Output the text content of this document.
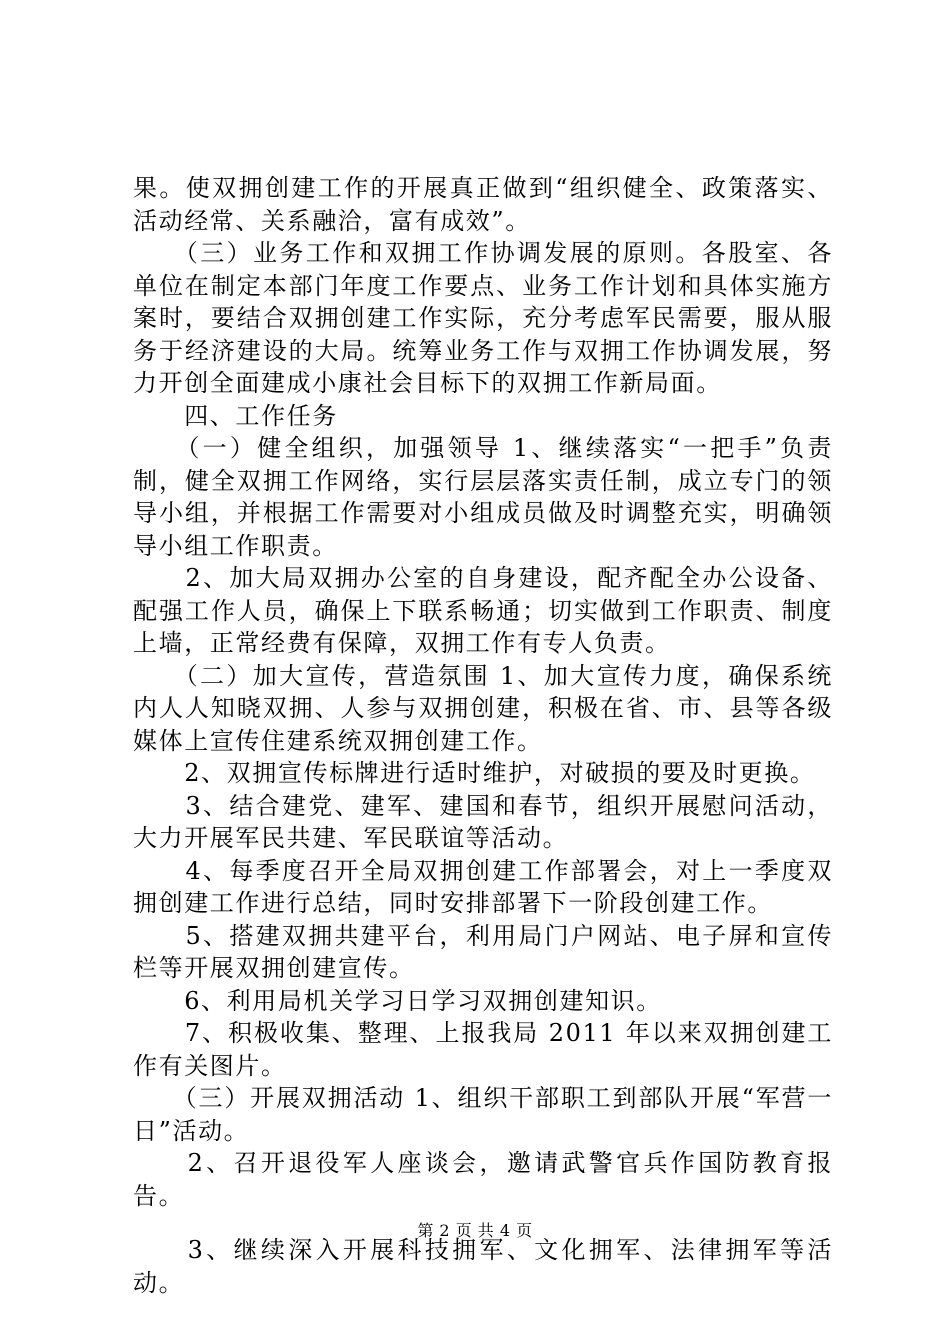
果。使双拥创建工作的开展真正做到“组织健全、政策落实、活动经常、关系融洽，富有成效”。

　　（三）业务工作和双拥工作协调发展的原则。各股室、各单位在制定本部门年度工作要点、业务工作计划和具体实施方案时，要结合双拥创建工作实际，充分考虑军民需要，服从服务于经济建设的大局。统筹业务工作与双拥工作协调发展，努力开创全面建成小康社会目标下的双拥工作新局面。

　　四、工作任务

　　（一）健全组织，加强领导 1、继续落实“一把手”负责制，健全双拥工作网络，实行层层落实责任制，成立专门的领导小组，并根据工作需要对小组成员做及时调整充实，明确领导小组工作职责。

　　2、加大局双拥办公室的自身建设，配齐配全办公设备、配强工作人员，确保上下联系畅通；切实做到工作职责、制度上墙，正常经费有保障，双拥工作有专人负责。

　　（二）加大宣传，营造氛围 1、加大宣传力度，确保系统内人人知晓双拥、人参与双拥创建，积极在省、市、县等各级媒体上宣传住建系统双拥创建工作。

　　2、双拥宣传标牌进行适时维护，对破损的要及时更换。

　　3、结合建党、建军、建国和春节，组织开展慰问活动，大力开展军民共建、军民联谊等活动。

　　4、每季度召开全局双拥创建工作部署会，对上一季度双拥创建工作进行总结，同时安排部署下一阶段创建工作。

　　5、搭建双拥共建平台，利用局门户网站、电子屏和宣传栏等开展双拥创建宣传。

　　6、利用局机关学习日学习双拥创建知识。

　　7、积极收集、整理、上报我局 2011 年以来双拥创建工作有关图片。

　　（三）开展双拥活动 1、组织干部职工到部队开展“军营一日”活动。

　　2、召开退役军人座谈会，邀请武警官兵作国防教育报告。

　　3、继续深入开展科技拥军、文化拥军、法律拥军等活动。

第 2 页 共 4 页
